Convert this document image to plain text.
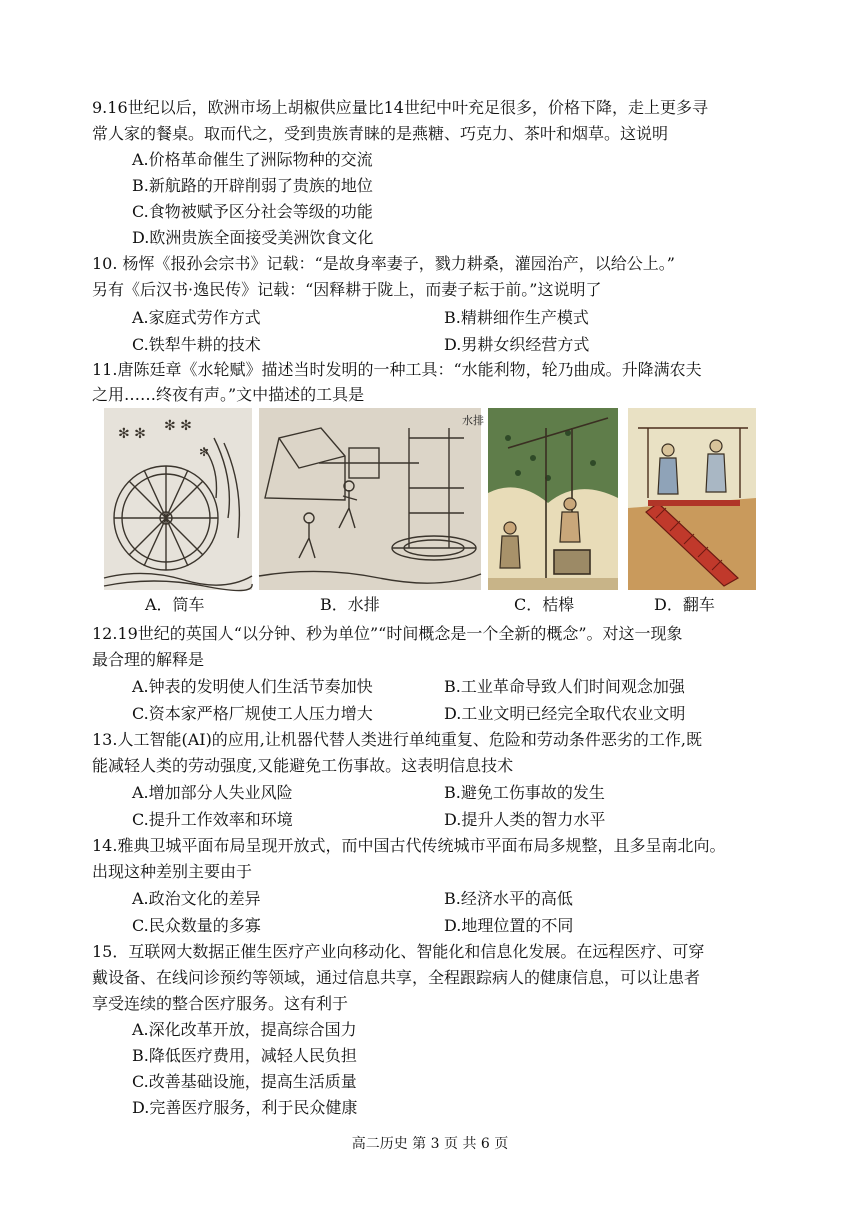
9.16世纪以后，欧洲市场上胡椒供应量比14世纪中叶充足很多，价格下降，走上更多寻
常人家的餐桌。取而代之，受到贵族青睐的是燕糖、巧克力、茶叶和烟草。这说明
A.价格革命催生了洲际物种的交流
B.新航路的开辟削弱了贵族的地位
C.食物被赋予区分社会等级的功能
D.欧洲贵族全面接受美洲饮食文化
10. 杨恽《报孙会宗书》记载：“是故身率妻子，戮力耕桑，灌园治产，以给公上。”
另有《后汉书·逸民传》记载：“因释耕于陇上，而妻子耘于前。”这说明了
A.家庭式劳作方式	B.精耕细作生产模式
C.铁犁牛耕的技术	D.男耕女织经营方式
11.唐陈廷章《水轮赋》描述当时发明的一种工具：“水能利物，轮乃曲成。升降满农夫
之用……终夜有声。”文中描述的工具是
✻ ✻ ✻ ✻
✻
水排
A．筒车	B．水排	C．桔槔	D．翻车
12.19世纪的英国人“以分钟、秒为单位”“时间概念是一个全新的概念”。对这一现象
最合理的解释是
A.钟表的发明使人们生活节奏加快	B.工业革命导致人们时间观念加强
C.资本家严格厂规使工人压力增大	D.工业文明已经完全取代农业文明
13.人工智能(AI)的应用,让机器代替人类进行单纯重复、危险和劳动条件恶劣的工作,既
能减轻人类的劳动强度,又能避免工伤事故。这表明信息技术
A.增加部分人失业风险	B.避免工伤事故的发生
C.提升工作效率和环境	D.提升人类的智力水平
14.雅典卫城平面布局呈现开放式，而中国古代传统城市平面布局多规整，且多呈南北向。
出现这种差别主要由于
A.政治文化的差异	B.经济水平的高低
C.民众数量的多寡	D.地理位置的不同
15．互联网大数据正催生医疗产业向移动化、智能化和信息化发展。在远程医疗、可穿
戴设备、在线问诊预约等领域，通过信息共享，全程跟踪病人的健康信息，可以让患者
享受连续的整合医疗服务。这有利于
A.深化改革开放，提高综合国力
B.降低医疗费用，减轻人民负担
C.改善基础设施，提高生活质量
D.完善医疗服务，利于民众健康
高二历史 第 3 页 共 6 页
